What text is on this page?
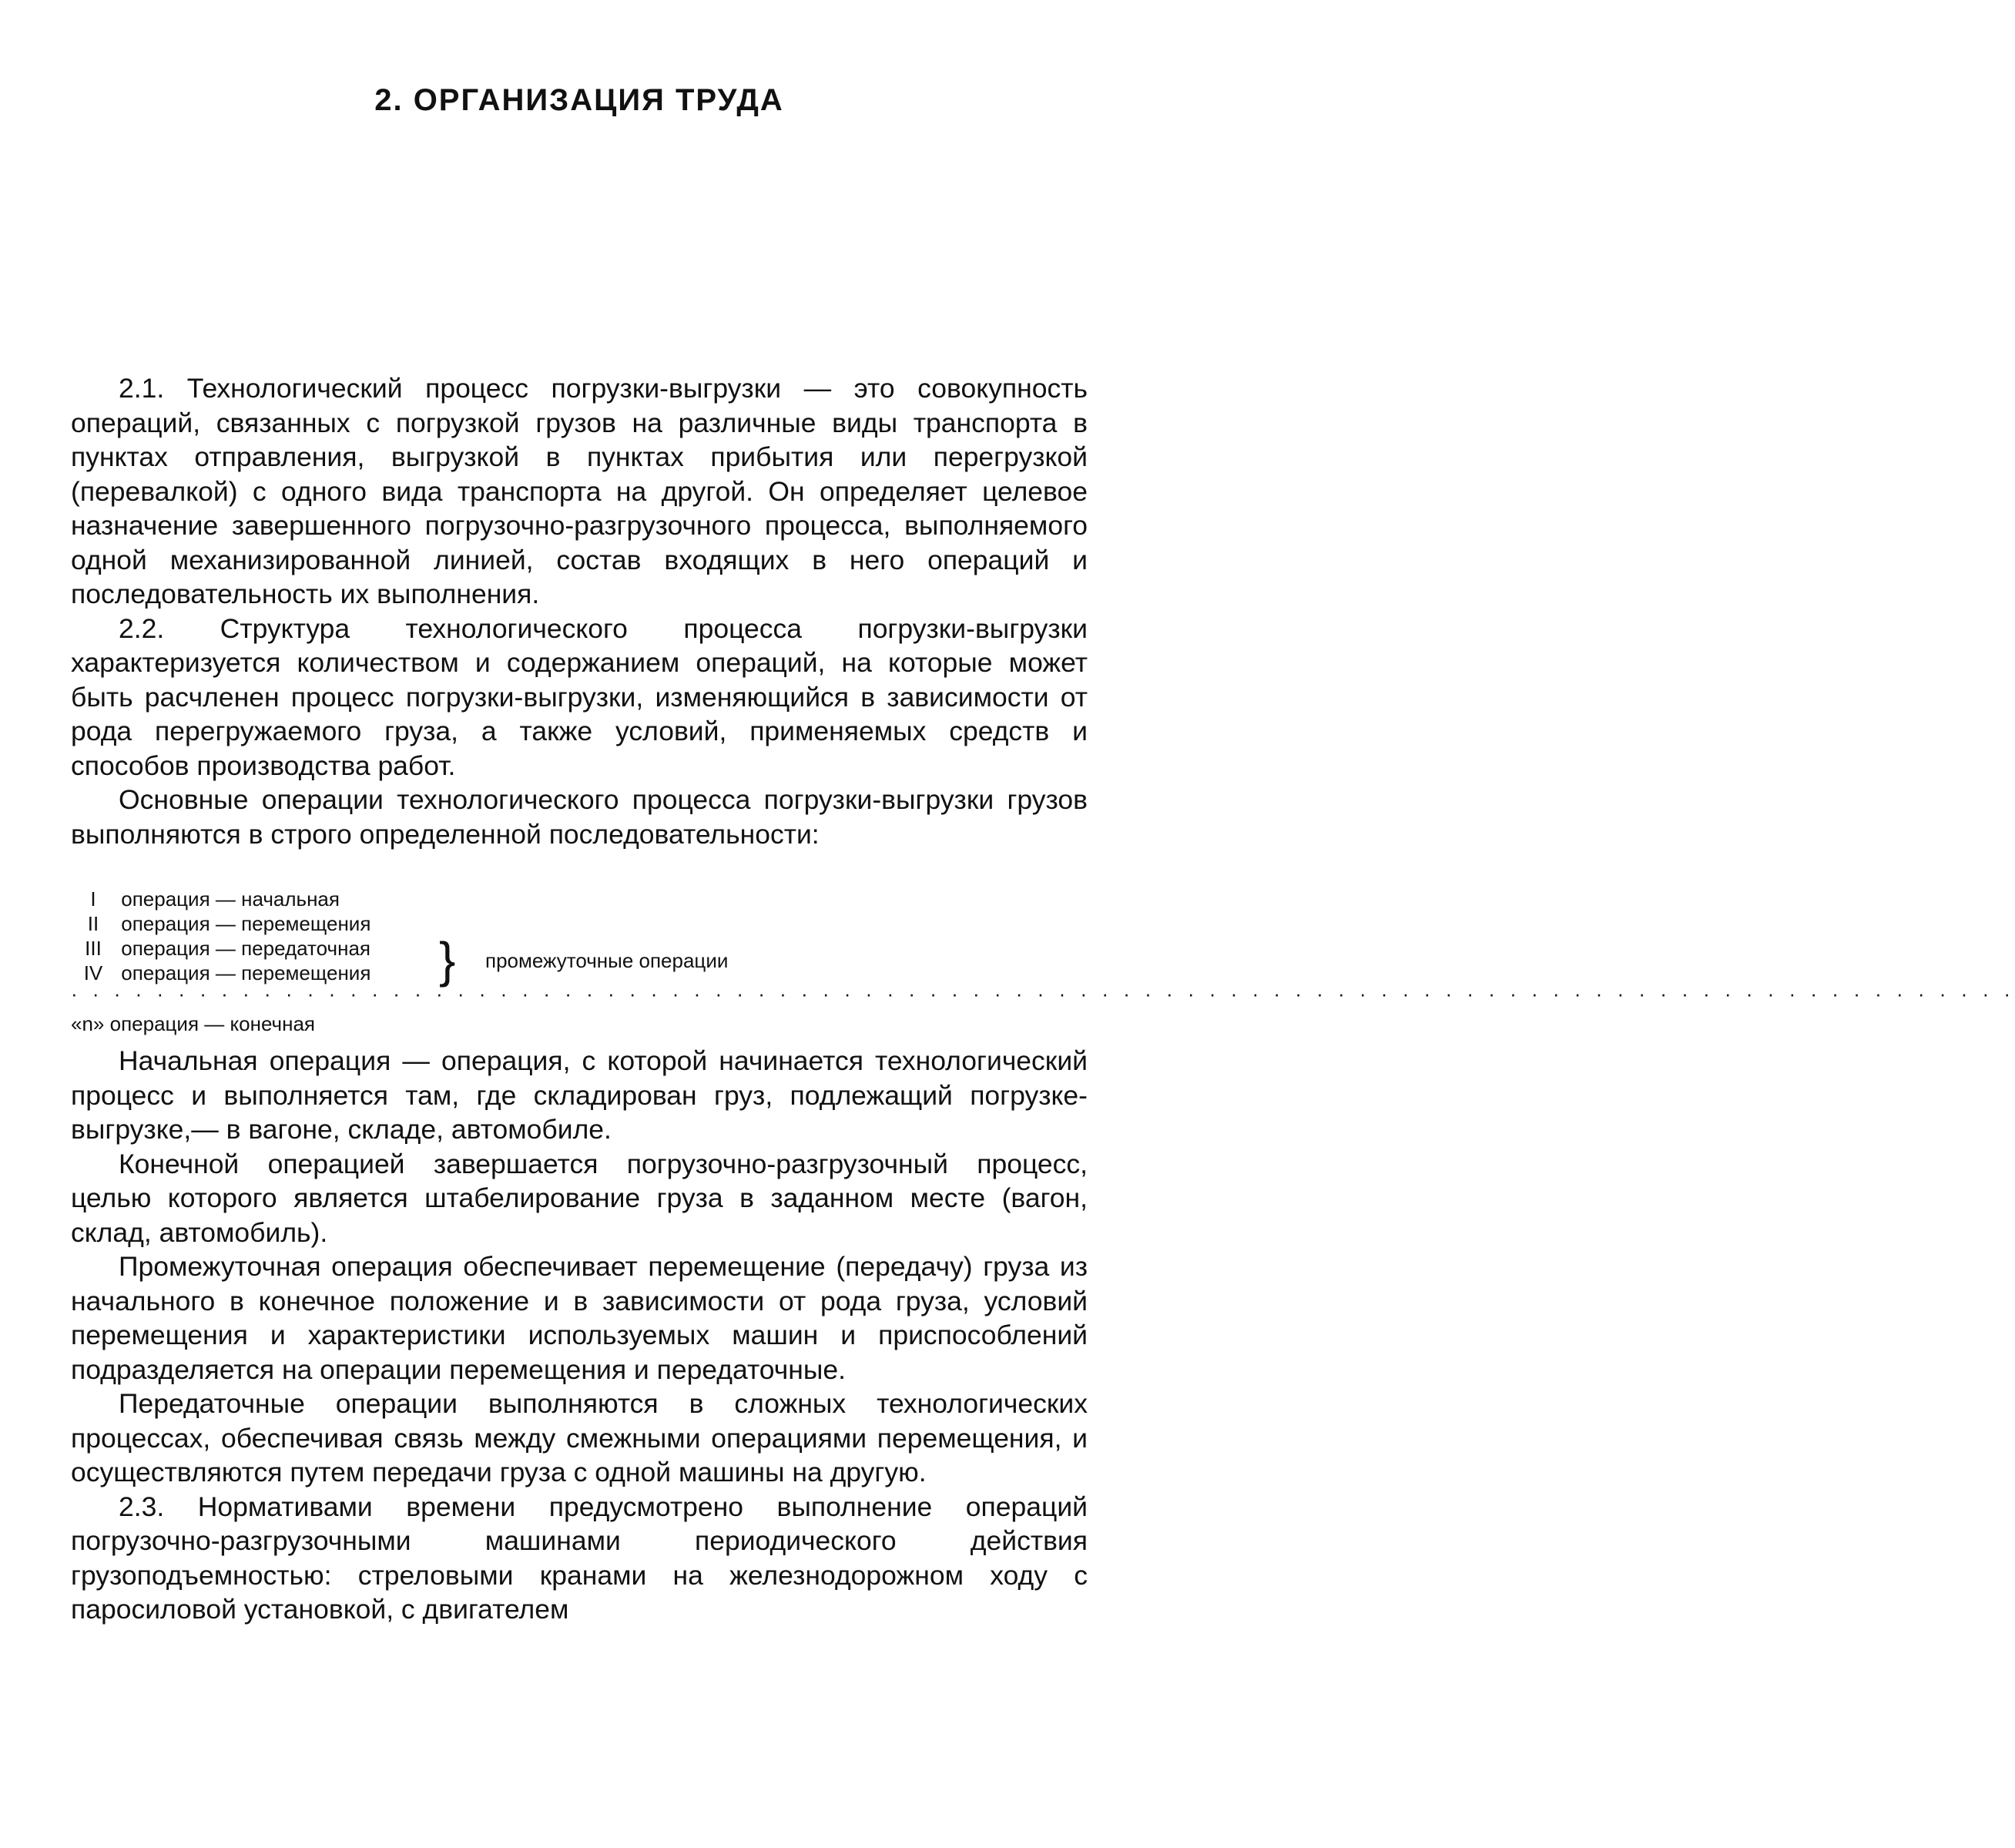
2. ОРГАНИЗАЦИЯ ТРУДА

2.1. Технологический процесс погрузки-выгрузки — это совокупность операций, связанных с погрузкой грузов на различные виды транспорта в пунктах отправления, выгрузкой в пунктах прибытия или перегрузкой (перевалкой) с одного вида транспорта на другой. Он определяет целевое назначение завершенного погрузочно-разгрузочного процесса, выполняемого одной механизированной линией, состав входящих в него операций и последовательность их выполнения.

2.2. Структура технологического процесса погрузки-выгрузки характеризуется количеством и содержанием операций, на которые может быть расчленен процесс погрузки-выгрузки, изменяющийся в зависимости от рода перегружаемого груза, а также условий, применяемых средств и способов производства работ.

Основные операции технологического процесса погрузки-выгрузки грузов выполняются в строго определенной последовательности:

I операция — начальная
II операция — перемещения
III операция — передаточная
IV операция — перемещения	} промежуточные операции
· · · · · · · · · · · · · · · · · · · · · · · · · · · · · · · · · · · · · · · · · · · · · · · · · · · · · · · · · · · · · · · · · · · · · · · · · · · · · · · · · · · · · · · · · · ·
«n» операция — конечная

Начальная операция — операция, с которой начинается технологический процесс и выполняется там, где складирован груз, подлежащий погрузке-выгрузке,— в вагоне, складе, автомобиле.

Конечной операцией завершается погрузочно-разгрузочный процесс, целью которого является штабелирование груза в заданном месте (вагон, склад, автомобиль).

Промежуточная операция обеспечивает перемещение (передачу) груза из начального в конечное положение и в зависимости от рода груза, условий перемещения и характеристики используемых машин и приспособлений подразделяется на операции перемещения и передаточные.

Передаточные операции выполняются в сложных технологических процессах, обеспечивая связь между смежными операциями перемещения, и осуществляются путем передачи груза с одной машины на другую.

2.3. Нормативами времени предусмотрено выполнение операций погрузочно-разгрузочными машинами периодического действия грузоподъемностью: стреловыми кранами на железнодорожном ходу с паросиловой установкой, с двигателем
